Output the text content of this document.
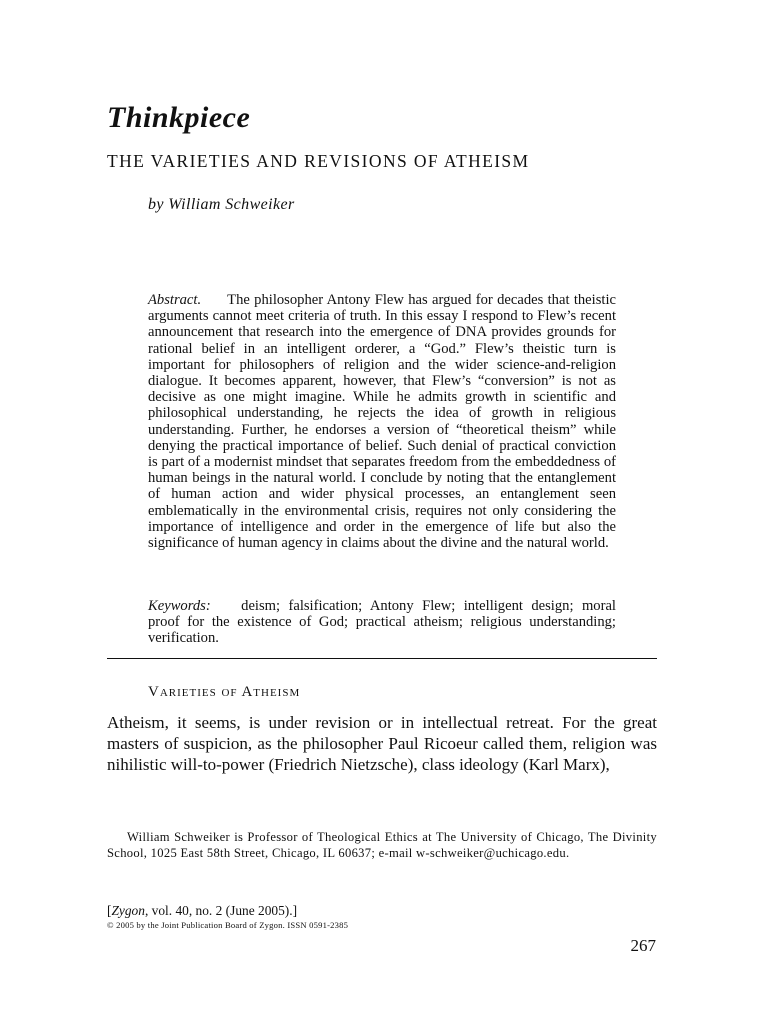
Thinkpiece
THE VARIETIES AND REVISIONS OF ATHEISM
by William Schweiker
Abstract. The philosopher Antony Flew has argued for decades that theistic arguments cannot meet criteria of truth. In this essay I respond to Flew’s recent announcement that research into the emergence of DNA provides grounds for rational belief in an intelligent orderer, a “God.” Flew’s theistic turn is important for philosophers of religion and the wider science-and-religion dialogue. It becomes apparent, however, that Flew’s “conversion” is not as decisive as one might imagine. While he admits growth in scientific and philosophical understanding, he rejects the idea of growth in religious understanding. Further, he endorses a version of “theoretical theism” while denying the practical importance of belief. Such denial of practical conviction is part of a modernist mindset that separates freedom from the embeddedness of human beings in the natural world. I conclude by noting that the entanglement of human action and wider physical processes, an entanglement seen emblematically in the environmental crisis, requires not only considering the importance of intelligence and order in the emergence of life but also the significance of human agency in claims about the divine and the natural world.
Keywords: deism; falsification; Antony Flew; intelligent design; moral proof for the existence of God; practical atheism; religious understanding; verification.
Varieties of Atheism
Atheism, it seems, is under revision or in intellectual retreat. For the great masters of suspicion, as the philosopher Paul Ricoeur called them, religion was nihilistic will-to-power (Friedrich Nietzsche), class ideology (Karl Marx),
William Schweiker is Professor of Theological Ethics at The University of Chicago, The Divinity School, 1025 East 58th Street, Chicago, IL 60637; e-mail w-schweiker@uchicago.edu.
[Zygon, vol. 40, no. 2 (June 2005).]
© 2005 by the Joint Publication Board of Zygon. ISSN 0591-2385
267
